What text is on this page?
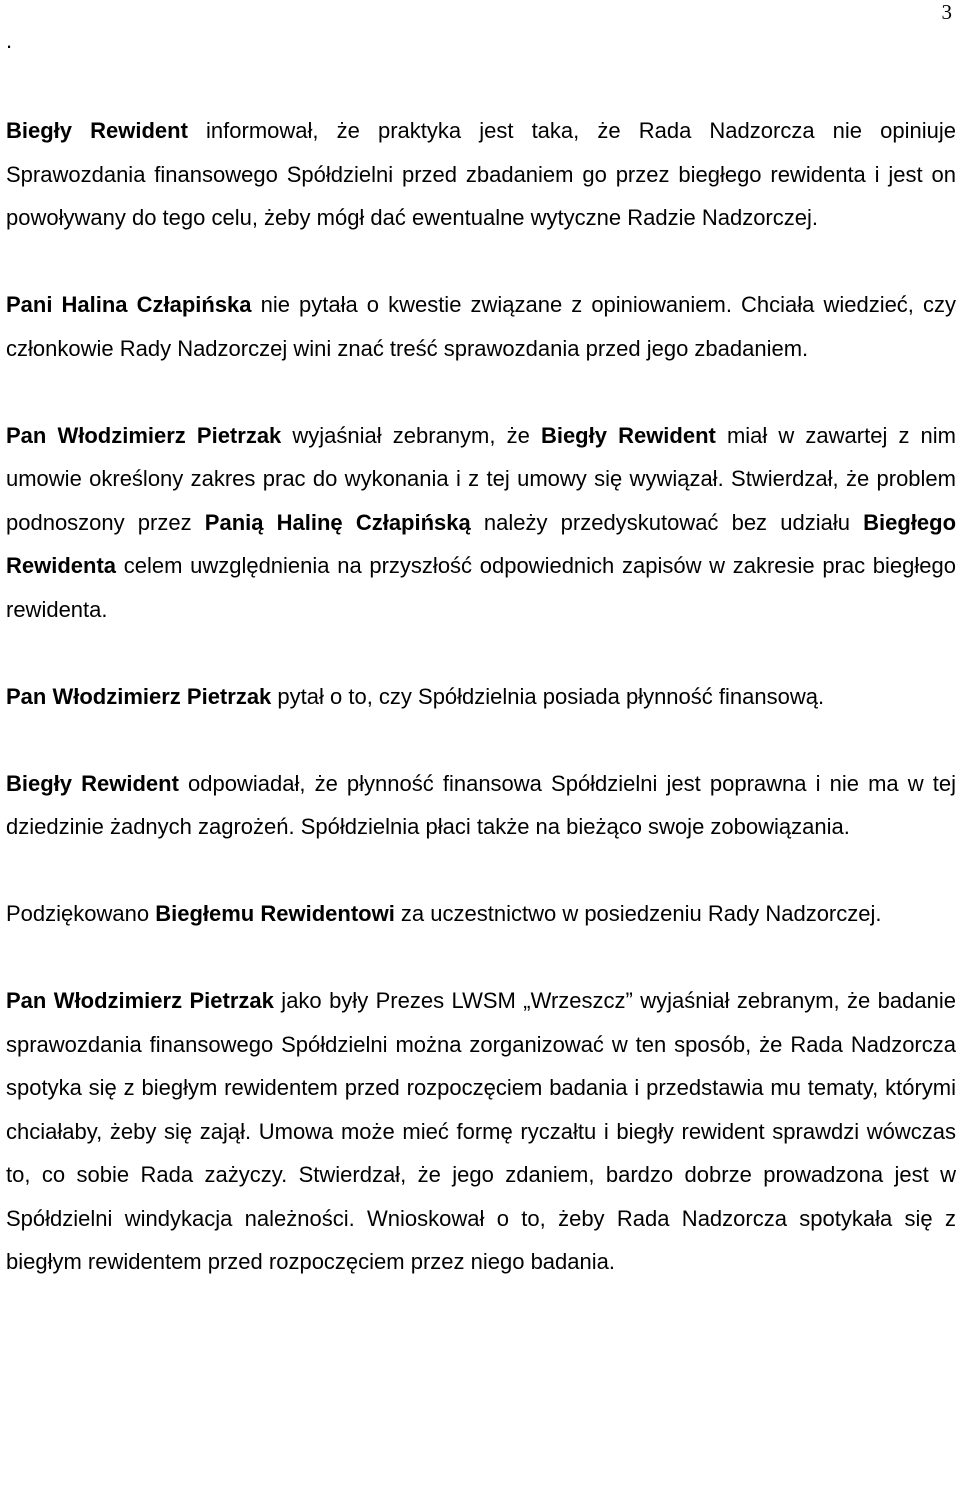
3
.

Biegły Rewident informował, że praktyka jest taka, że Rada Nadzorcza nie opiniuje Sprawozdania finansowego Spółdzielni przed zbadaniem go przez biegłego rewidenta i jest on powoływany do tego celu, żeby mógł dać ewentualne wytyczne Radzie Nadzorczej.

Pani Halina Człapińska nie pytała o kwestie związane z opiniowaniem. Chciała wiedzieć, czy członkowie Rady Nadzorczej wini znać treść sprawozdania przed jego zbadaniem.

Pan Włodzimierz Pietrzak wyjaśniał zebranym, że Biegły Rewident miał w zawartej z nim umowie określony zakres prac do wykonania i z tej umowy się wywiązał. Stwierdzał, że problem podnoszony przez Panią Halinę Człapińską należy przedyskutować bez udziału Biegłego Rewidenta celem uwzględnienia na przyszłość odpowiednich zapisów w zakresie prac biegłego rewidenta.

Pan Włodzimierz Pietrzak pytał o to, czy Spółdzielnia posiada płynność finansową.

Biegły Rewident odpowiadał, że płynność finansowa Spółdzielni jest poprawna i nie ma w tej dziedzinie żadnych zagrożeń. Spółdzielnia płaci także na bieżąco swoje zobowiązania.

Podziękowano Biegłemu Rewidentowi za uczestnictwo w posiedzeniu Rady Nadzorczej.

Pan Włodzimierz Pietrzak jako były Prezes LWSM „Wrzeszcz” wyjaśniał zebranym, że badanie sprawozdania finansowego Spółdzielni można zorganizować w ten sposób, że Rada Nadzorcza spotyka się z biegłym rewidentem przed rozpoczęciem badania i przedstawia mu tematy, którymi chciałaby, żeby się zajął. Umowa może mieć formę ryczałtu i biegły rewident sprawdzi wówczas to, co sobie Rada zażyczy. Stwierdzał, że jego zdaniem, bardzo dobrze prowadzona jest w Spółdzielni windykacja należności. Wnioskował o to, żeby Rada Nadzorcza spotykała się z biegłym rewidentem przed rozpoczęciem przez niego badania.
